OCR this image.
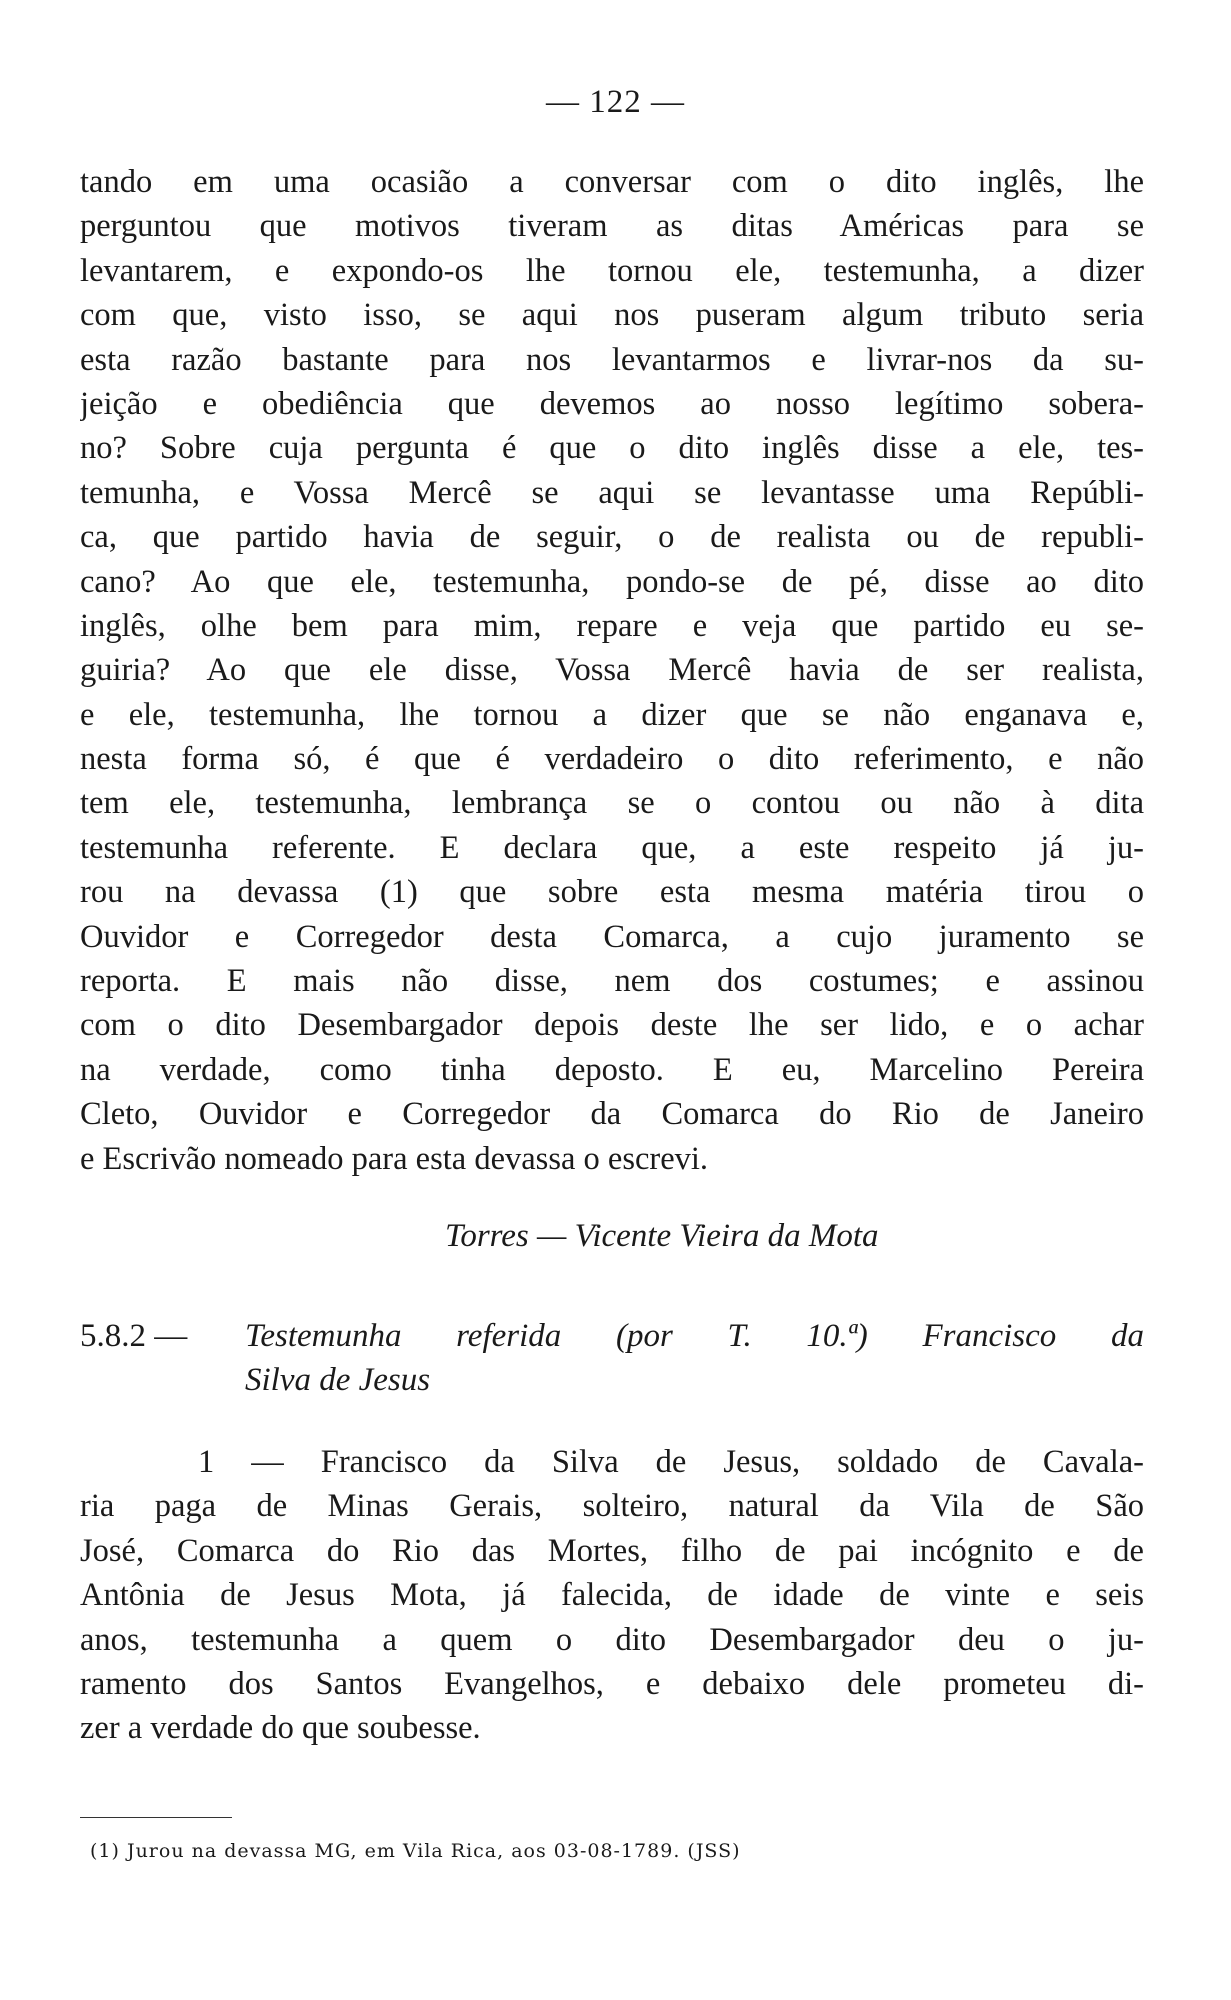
— 122 —
tando em uma ocasião a conversar com o dito inglês, lhe
perguntou que motivos tiveram as ditas Américas para se
levantarem, e expondo-os lhe tornou ele, testemunha, a dizer
com que, visto isso, se aqui nos puseram algum tributo seria
esta razão bastante para nos levantarmos e livrar-nos da su-
jeição e obediência que devemos ao nosso legítimo sobera-
no? Sobre cuja pergunta é que o dito inglês disse a ele, tes-
temunha, e Vossa Mercê se aqui se levantasse uma Repúbli-
ca, que partido havia de seguir, o de realista ou de republi-
cano? Ao que ele, testemunha, pondo-se de pé, disse ao dito
inglês, olhe bem para mim, repare e veja que partido eu se-
guiria? Ao que ele disse, Vossa Mercê havia de ser realista,
e ele, testemunha, lhe tornou a dizer que se não enganava e,
nesta forma só, é que é verdadeiro o dito referimento, e não
tem ele, testemunha, lembrança se o contou ou não à dita
testemunha referente. E declara que, a este respeito já ju-
rou na devassa (1) que sobre esta mesma matéria tirou o
Ouvidor e Corregedor desta Comarca, a cujo juramento se
reporta. E mais não disse, nem dos costumes; e assinou
com o dito Desembargador depois deste lhe ser lido, e o achar
na verdade, como tinha deposto. E eu, Marcelino Pereira
Cleto, Ouvidor e Corregedor da Comarca do Rio de Janeiro
e Escrivão nomeado para esta devassa o escrevi.
Torres — Vicente Vieira da Mota
5.8.2 — Testemunha referida (por T. 10.ª) Francisco da
Silva de Jesus
1 — Francisco da Silva de Jesus, soldado de Cavala-
ria paga de Minas Gerais, solteiro, natural da Vila de São
José, Comarca do Rio das Mortes, filho de pai incógnito e de
Antônia de Jesus Mota, já falecida, de idade de vinte e seis
anos, testemunha a quem o dito Desembargador deu o ju-
ramento dos Santos Evangelhos, e debaixo dele prometeu di-
zer a verdade do que soubesse.
(1) Jurou na devassa MG, em Vila Rica, aos 03-08-1789. (JSS)
